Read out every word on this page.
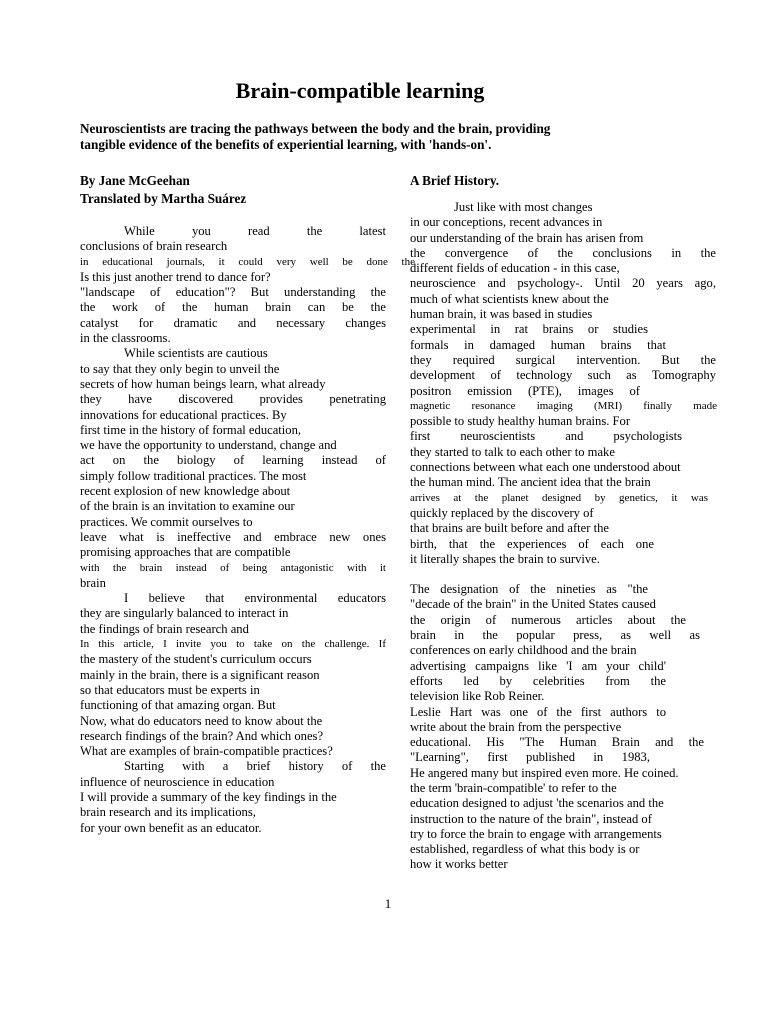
Brain-compatible learning
Neuroscientists are tracing the pathways between the body and the brain, providing
tangible evidence of the benefits of experiential learning, with 'hands-on'.
By Jane McGeehan
Translated by Martha Suárez
While you read the latest
conclusions of brain research
in educational journals, it could very well be done the
Is this just another trend to dance for?
"landscape of education"? But understanding the
the work of the human brain can be the
catalyst for dramatic and necessary changes
in the classrooms.
While scientists are cautious
to say that they only begin to unveil the
secrets of how human beings learn, what already
they have discovered provides penetrating
innovations for educational practices. By
first time in the history of formal education,
we have the opportunity to understand, change and
act on the biology of learning instead of
simply follow traditional practices. The most
recent explosion of new knowledge about
of the brain is an invitation to examine our
practices. We commit ourselves to
leave what is ineffective and embrace new ones
promising approaches that are compatible
with the brain instead of being antagonistic with it
brain
I believe that environmental educators
they are singularly balanced to interact in
the findings of brain research and
In this article, I invite you to take on the challenge. If
the mastery of the student's curriculum occurs
mainly in the brain, there is a significant reason
so that educators must be experts in
functioning of that amazing organ. But
Now, what do educators need to know about the
research findings of the brain? And which ones?
What are examples of brain-compatible practices?
Starting with a brief history of the
influence of neuroscience in education
I will provide a summary of the key findings in the
brain research and its implications,
for your own benefit as an educator.
A Brief History.
Just like with most changes
in our conceptions, recent advances in
our understanding of the brain has arisen from
the convergence of the conclusions in the
different fields of education - in this case,
neuroscience and psychology-. Until 20 years ago,
much of what scientists knew about the
human brain, it was based in studies
experimental in rat brains or studies
formals in damaged human brains that
they required surgical intervention. But the
development of technology such as Tomography
positron emission (PTE), images of
magnetic resonance imaging (MRI) finally made
possible to study healthy human brains. For
first neuroscientists and psychologists
they started to talk to each other to make
connections between what each one understood about
the human mind. The ancient idea that the brain
arrives at the planet designed by genetics, it was
quickly replaced by the discovery of
that brains are built before and after the
birth, that the experiences of each one
it literally shapes the brain to survive.
The designation of the nineties as "the
"decade of the brain" in the United States caused
the origin of numerous articles about the
brain in the popular press, as well as
conferences on early childhood and the brain
advertising campaigns like 'I am your child'
efforts led by celebrities from the
television like Rob Reiner.
Leslie Hart was one of the first authors to
write about the brain from the perspective
educational. His "The Human Brain and the
"Learning", first published in 1983,
He angered many but inspired even more. He coined.
the term 'brain-compatible' to refer to the
education designed to adjust 'the scenarios and the
instruction to the nature of the brain", instead of
try to force the brain to engage with arrangements
established, regardless of what this body is or
how it works better
1
